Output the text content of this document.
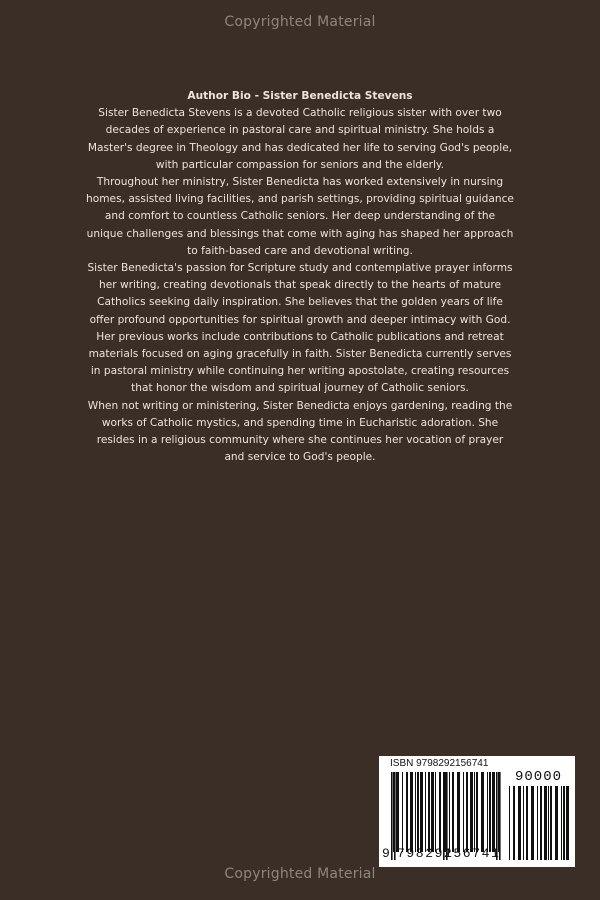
Copyrighted Material
Author Bio - Sister Benedicta Stevens

Sister Benedicta Stevens is a devoted Catholic religious sister with over two decades of experience in pastoral care and spiritual ministry. She holds a Master's degree in Theology and has dedicated her life to serving God's people, with particular compassion for seniors and the elderly.

Throughout her ministry, Sister Benedicta has worked extensively in nursing homes, assisted living facilities, and parish settings, providing spiritual guidance and comfort to countless Catholic seniors. Her deep understanding of the unique challenges and blessings that come with aging has shaped her approach to faith-based care and devotional writing.

Sister Benedicta's passion for Scripture study and contemplative prayer informs her writing, creating devotionals that speak directly to the hearts of mature Catholics seeking daily inspiration. She believes that the golden years of life offer profound opportunities for spiritual growth and deeper intimacy with God.

Her previous works include contributions to Catholic publications and retreat materials focused on aging gracefully in faith. Sister Benedicta currently serves in pastoral ministry while continuing her writing apostolate, creating resources that honor the wisdom and spiritual journey of Catholic seniors.

When not writing or ministering, Sister Benedicta enjoys gardening, reading the works of Catholic mystics, and spending time in Eucharistic adoration. She resides in a religious community where she continues her vocation of prayer and service to God's people.

ISBN 9798292156741
90000
9 798292
156741
Copyrighted Material
